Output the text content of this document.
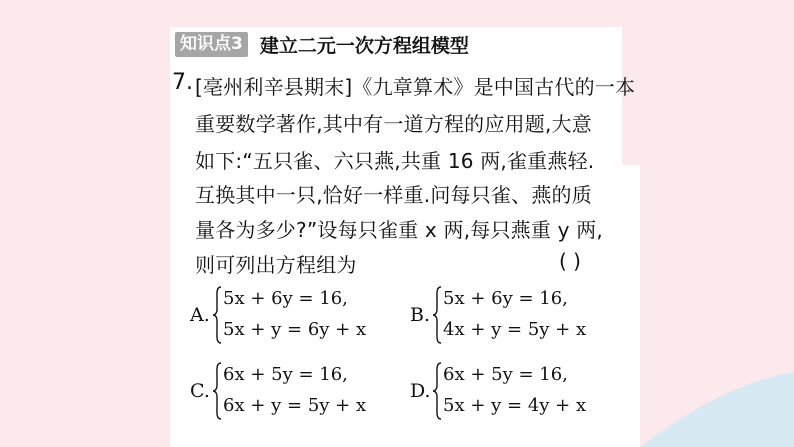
知识点3 建立二元一次方程组模型
7. [亳州利辛县期末]《九章算术》是中国古代的一本
重要数学著作,其中有一道方程的应用题,大意
如下:“五只雀、六只燕,共重 16 两,雀重燕轻.
互换其中一只,恰好一样重.问每只雀、燕的质
量各为多少?”设每只雀重 x 两,每只燕重 y 两,
则可列出方程组为	( )
A.
5x + 6y = 16,
5x + y = 6y + x
B.
5x + 6y = 16,
4x + y = 5y + x
C.
6x + 5y = 16,
6x + y = 5y + x
D.
6x + 5y = 16,
5x + y = 4y + x
